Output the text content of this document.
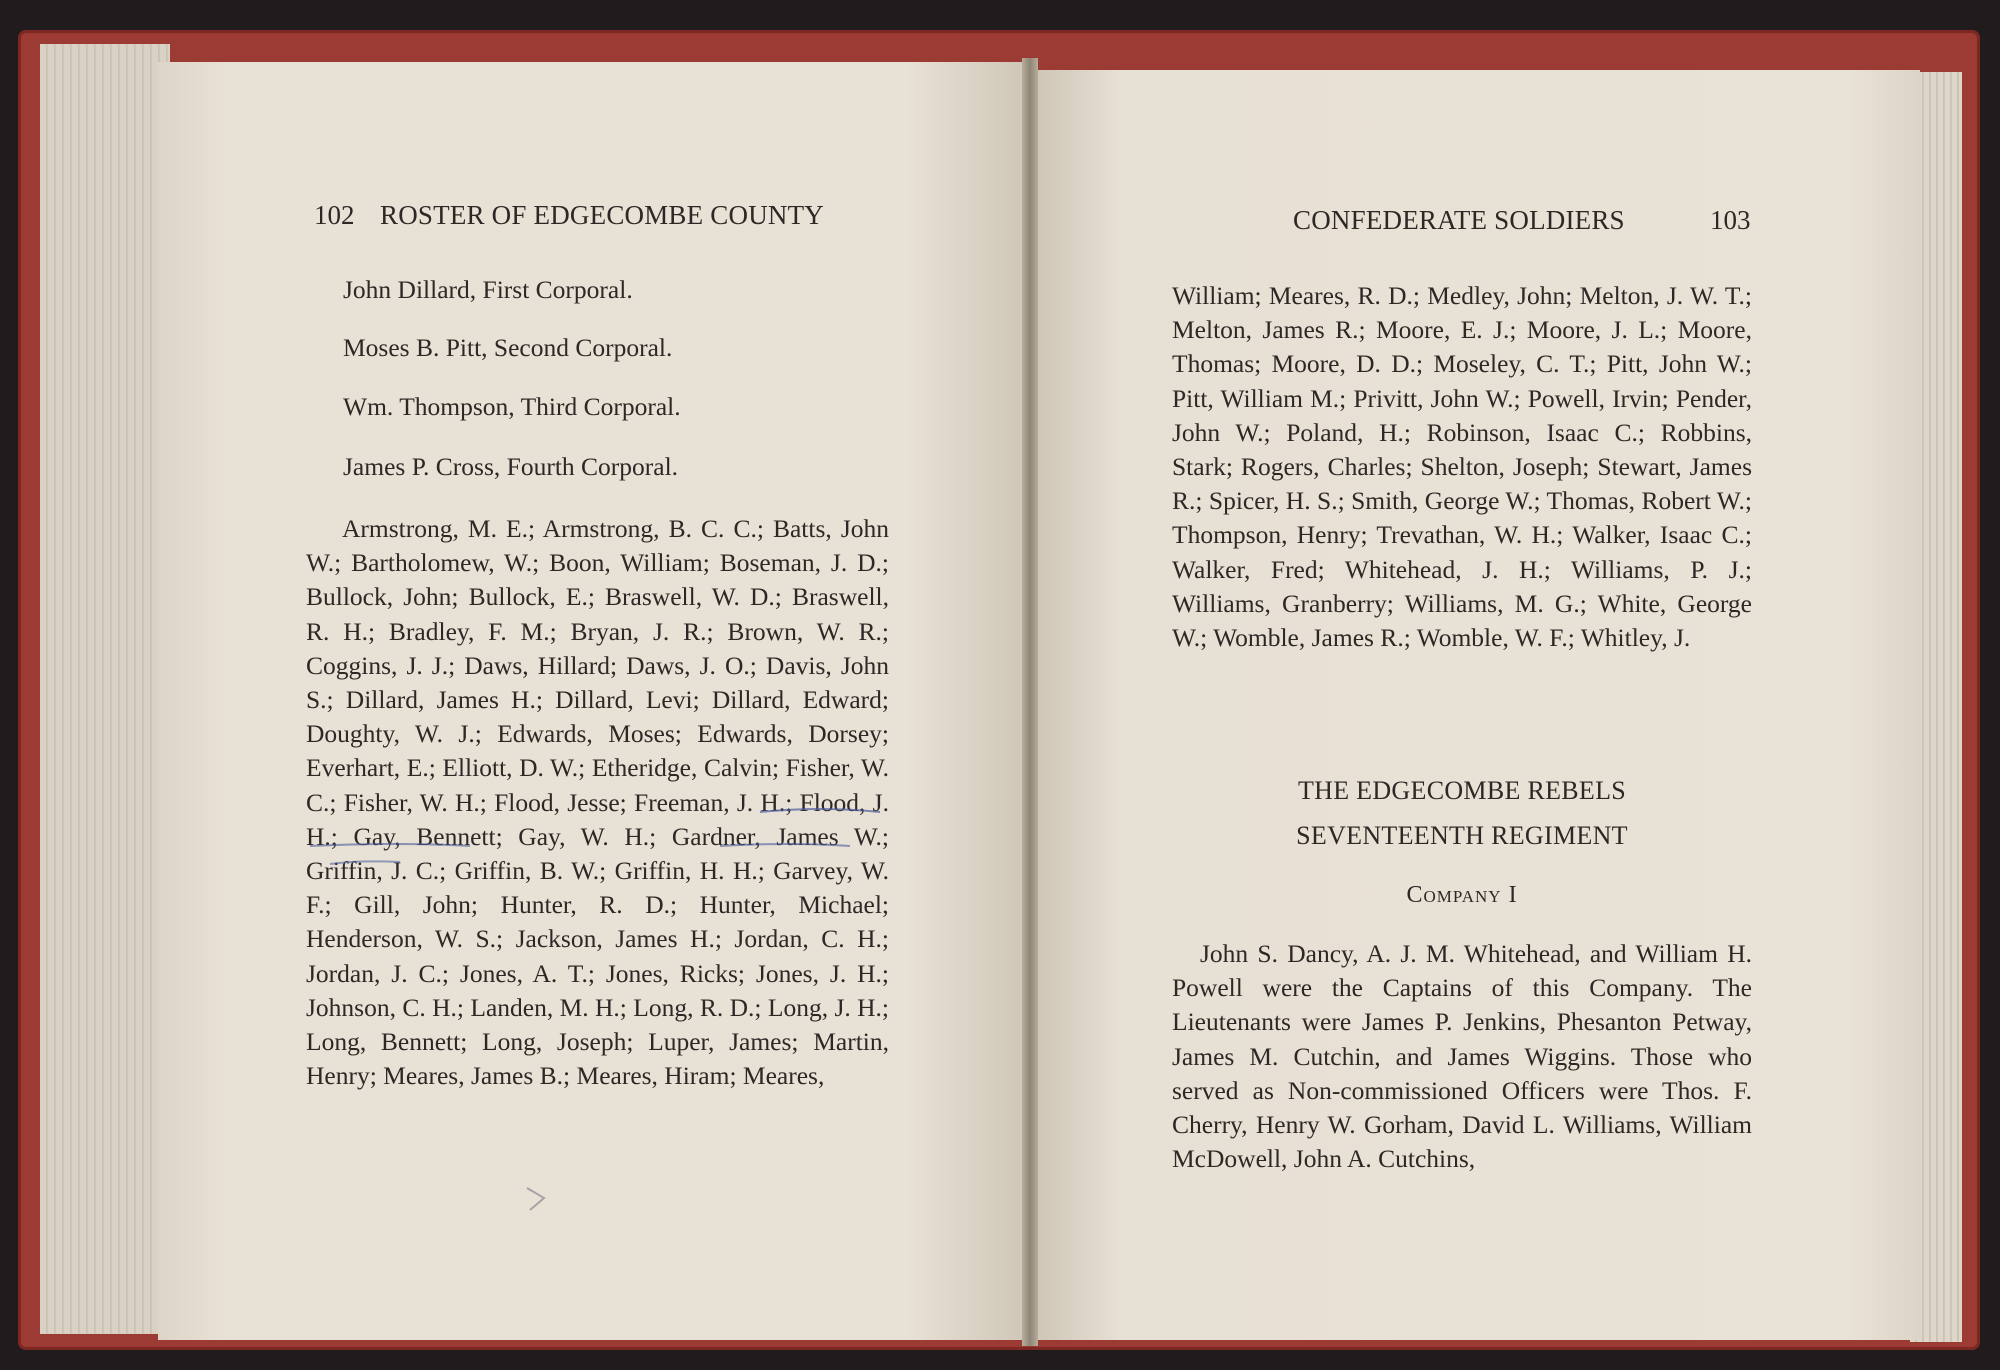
102 ROSTER OF EDGECOMBE COUNTY
John Dillard, First Corporal.
Moses B. Pitt, Second Corporal.
Wm. Thompson, Third Corporal.
James P. Cross, Fourth Corporal.

Armstrong, M. E.; Armstrong, B. C. C.; Batts, John W.; Bartholomew, W.; Boon, William; Boseman, J. D.; Bullock, John; Bullock, E.; Braswell, W. D.; Braswell, R. H.; Bradley, F. M.; Bryan, J. R.; Brown, W. R.; Coggins, J. J.; Daws, Hillard; Daws, J. O.; Davis, John S.; Dillard, James H.; Dillard, Levi; Dillard, Edward; Doughty, W. J.; Edwards, Moses; Edwards, Dorsey; Everhart, E.; Elliott, D. W.; Etheridge, Calvin; Fisher, W. C.; Fisher, W. H.; Flood, Jesse; Freeman, J. H.; Flood, J. H.; Gay, Bennett; Gay, W. H.; Gardner, James W.; Griffin, J. C.; Griffin, B. W.; Griffin, H. H.; Garvey, W. F.; Gill, John; Hunter, R. D.; Hunter, Michael; Henderson, W. S.; Jackson, James H.; Jordan, C. H.; Jordan, J. C.; Jones, A. T.; Jones, Ricks; Jones, J. H.; Johnson, C. H.; Landen, M. H.; Long, R. D.; Long, J. H.; Long, Bennett; Long, Joseph; Luper, James; Martin, Henry; Meares, James B.; Meares, Hiram; Meares,

CONFEDERATE SOLDIERS	103

William; Meares, R. D.; Medley, John; Melton, J. W. T.; Melton, James R.; Moore, E. J.; Moore, J. L.; Moore, Thomas; Moore, D. D.; Moseley, C. T.; Pitt, John W.; Pitt, William M.; Privitt, John W.; Powell, Irvin; Pender, John W.; Poland, H.; Robinson, Isaac C.; Robbins, Stark; Rogers, Charles; Shelton, Joseph; Stewart, James R.; Spicer, H. S.; Smith, George W.; Thomas, Robert W.; Thompson, Henry; Trevathan, W. H.; Walker, Isaac C.; Walker, Fred; Whitehead, J. H.; Williams, P. J.; Williams, Granberry; Williams, M. G.; White, George W.; Womble, James R.; Womble, W. F.; Whitley, J.

THE EDGECOMBE REBELS
SEVENTEENTH REGIMENT
Company I

John S. Dancy, A. J. M. Whitehead, and William H. Powell were the Captains of this Company. The Lieutenants were James P. Jenkins, Phesanton Petway, James M. Cutchin, and James Wiggins. Those who served as Non-commissioned Officers were Thos. F. Cherry, Henry W. Gorham, David L. Williams, William McDowell, John A. Cutchins,
